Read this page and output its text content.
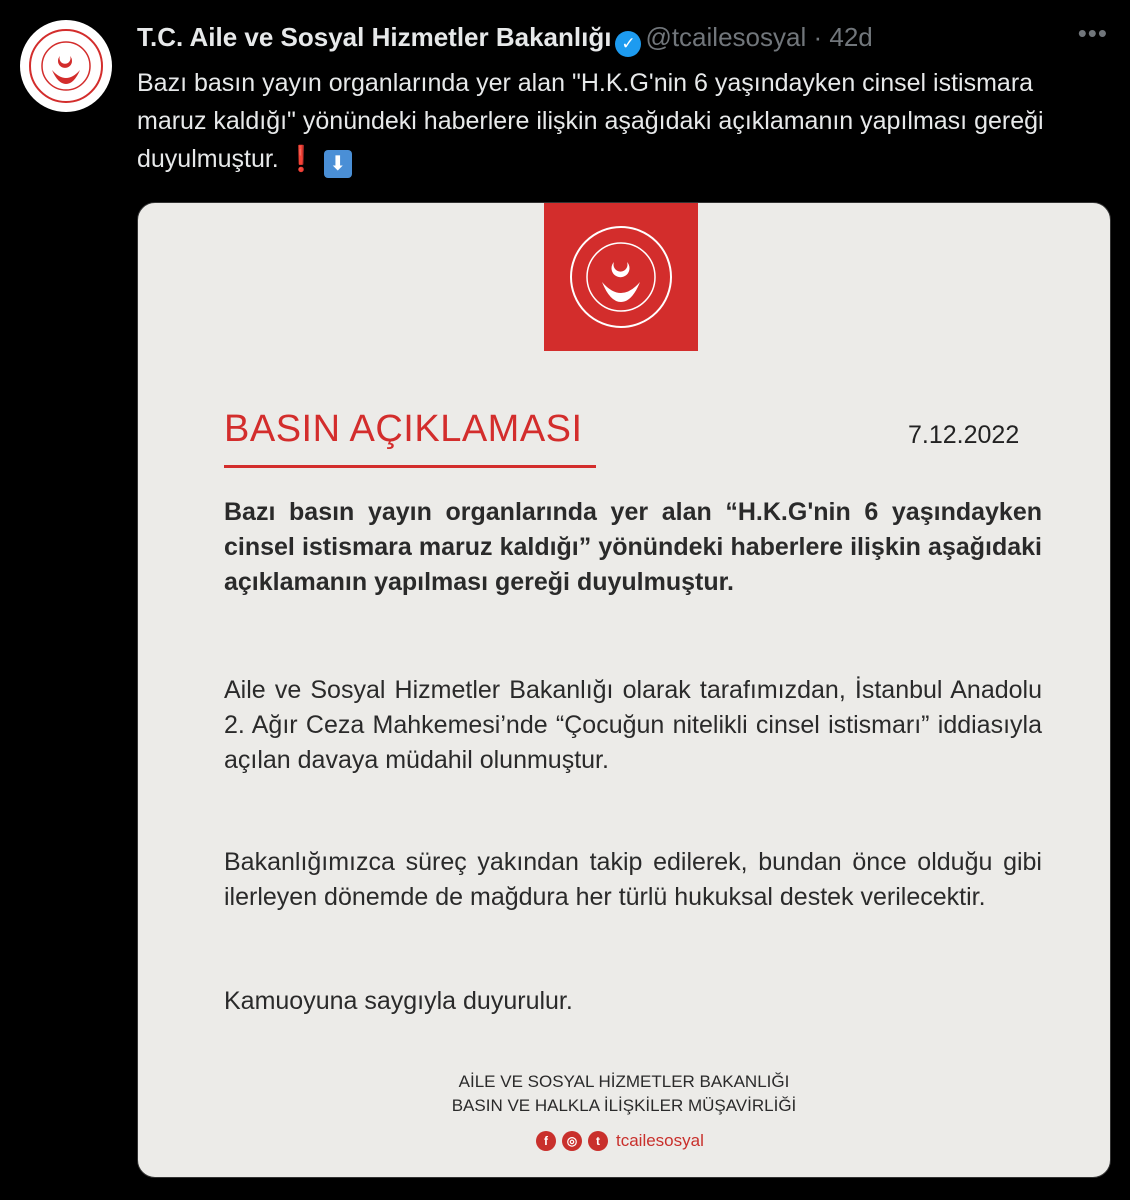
T.C. Aile ve Sosyal Hizmetler Bakanlığı ✓ @tcailesosyal · 42d	•••
Bazı basın yayın organlarında yer alan "H.K.G'nin 6 yaşındayken cinsel istismara maruz kaldığı" yönündeki haberlere ilişkin aşağıdaki açıklamanın yapılması gereği duyulmuştur. ❗ ⬇
BASIN AÇIKLAMASI	7.12.2022
Bazı basın yayın organlarında yer alan “H.K.G'nin 6 yaşındayken cinsel istismara maruz kaldığı” yönündeki haberlere ilişkin aşağıdaki açıklamanın yapılması gereği duyulmuştur.
Aile ve Sosyal Hizmetler Bakanlığı olarak tarafımızdan, İstanbul Anadolu 2. Ağır Ceza Mahkemesi’nde “Çocuğun nitelikli cinsel istismarı” iddiasıyla açılan davaya müdahil olunmuştur.
Bakanlığımızca süreç yakından takip edilerek, bundan önce olduğu gibi ilerleyen dönemde de mağdura her türlü hukuksal destek verilecektir.
Kamuoyuna saygıyla duyurulur.
AİLE VE SOSYAL HİZMETLER BAKANLIĞI
BASIN VE HALKLA İLİŞKİLER MÜŞAVİRLİĞİ
f	◎	t tcailesosyal
